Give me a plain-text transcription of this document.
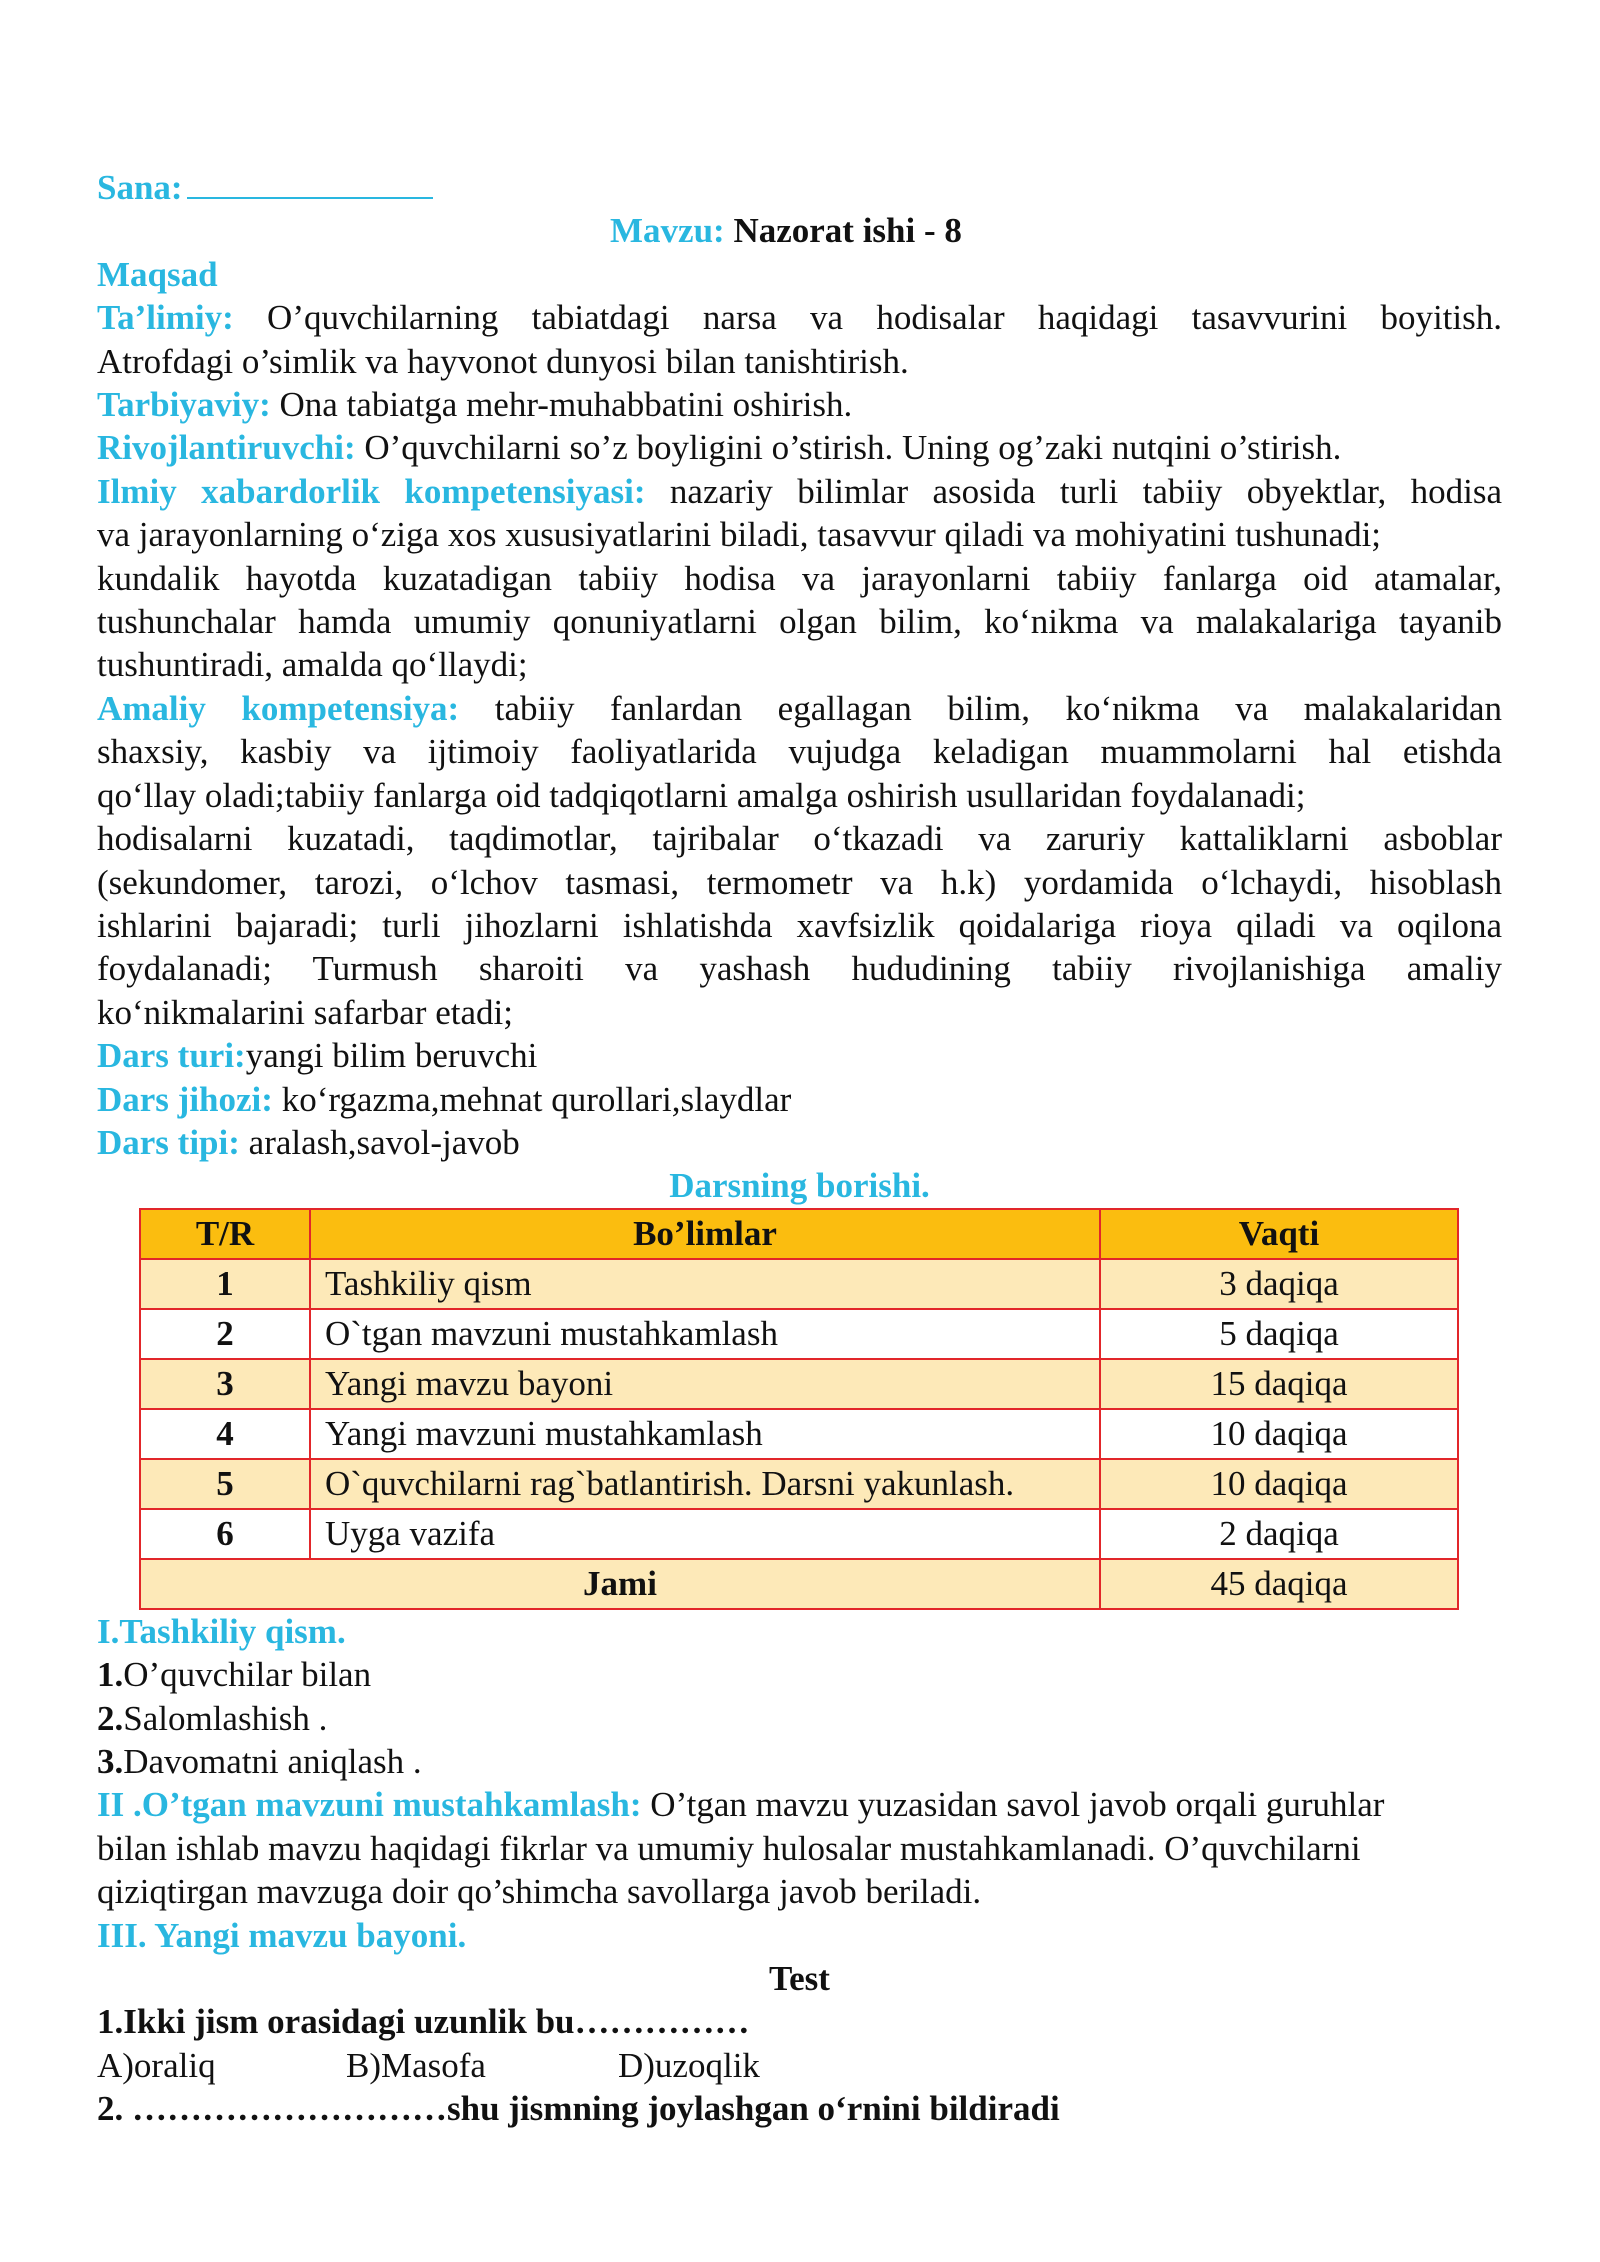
Sana:
Mavzu: Nazorat ishi - 8
Maqsad
Ta’limiy: O’quvchilarning tabiatdagi narsa va hodisalar haqidagi tasavvurini boyitish.
Atrofdagi o’simlik va hayvonot dunyosi bilan tanishtirish.
Tarbiyaviy: Ona tabiatga mehr-muhabbatini oshirish.
Rivojlantiruvchi: O’quvchilarni so’z boyligini o’stirish. Uning og’zaki nutqini o’stirish.
Ilmiy xabardorlik kompetensiyasi: nazariy bilimlar asosida turli tabiiy obyektlar, hodisa
va jarayonlarning o‘ziga xos xususiyatlarini biladi, tasavvur qiladi va mohiyatini tushunadi;
kundalik hayotda kuzatadigan tabiiy hodisa va jarayonlarni tabiiy fanlarga oid atamalar,
tushunchalar hamda umumiy qonuniyatlarni olgan bilim, ko‘nikma va malakalariga tayanib
tushuntiradi, amalda qo‘llaydi;
Amaliy kompetensiya: tabiiy fanlardan egallagan bilim, ko‘nikma va malakalaridan
shaxsiy, kasbiy va ijtimoiy faoliyatlarida vujudga keladigan muammolarni hal etishda
qo‘llay oladi;tabiiy fanlarga oid tadqiqotlarni amalga oshirish usullaridan foydalanadi;
hodisalarni kuzatadi, taqdimotlar, tajribalar o‘tkazadi va zaruriy kattaliklarni asboblar
(sekundomer, tarozi, o‘lchov tasmasi, termometr va h.k) yordamida o‘lchaydi, hisoblash
ishlarini bajaradi; turli jihozlarni ishlatishda xavfsizlik qoidalariga rioya qiladi va oqilona
foydalanadi; Turmush sharoiti va yashash hududining tabiiy rivojlanishiga amaliy
ko‘nikmalarini safarbar etadi;
Dars turi:yangi bilim beruvchi
Dars jihozi: ko‘rgazma,mehnat qurollari,slaydlar
Dars tipi: aralash,savol-javob
Darsning borishi.
T/R	Bo’limlar	Vaqti
1	Tashkiliy qism	3 daqiqa
2	O`tgan mavzuni mustahkamlash	5 daqiqa
3	Yangi mavzu bayoni	15 daqiqa
4	Yangi mavzuni mustahkamlash	10 daqiqa
5	O`quvchilarni rag`batlantirish. Darsni yakunlash.	10 daqiqa
6	Uyga vazifa	2 daqiqa
Jami		45 daqiqa
I.Tashkiliy qism.
1.O’quvchilar bilan
2.Salomlashish .
3.Davomatni aniqlash .
II .O’tgan mavzuni mustahkamlash: O’tgan mavzu yuzasidan savol javob orqali guruhlar
bilan ishlab mavzu haqidagi fikrlar va umumiy hulosalar mustahkamlanadi. O’quvchilarni
qiziqtirgan mavzuga doir qo’shimcha savollarga javob beriladi.
III. Yangi mavzu bayoni.
Test
1.Ikki jism orasidagi uzunlik bu……………
A)oraliq	B)Masofa	D)uzoqlik
2. ………………………shu jismning joylashgan o‘rnini bildiradi
